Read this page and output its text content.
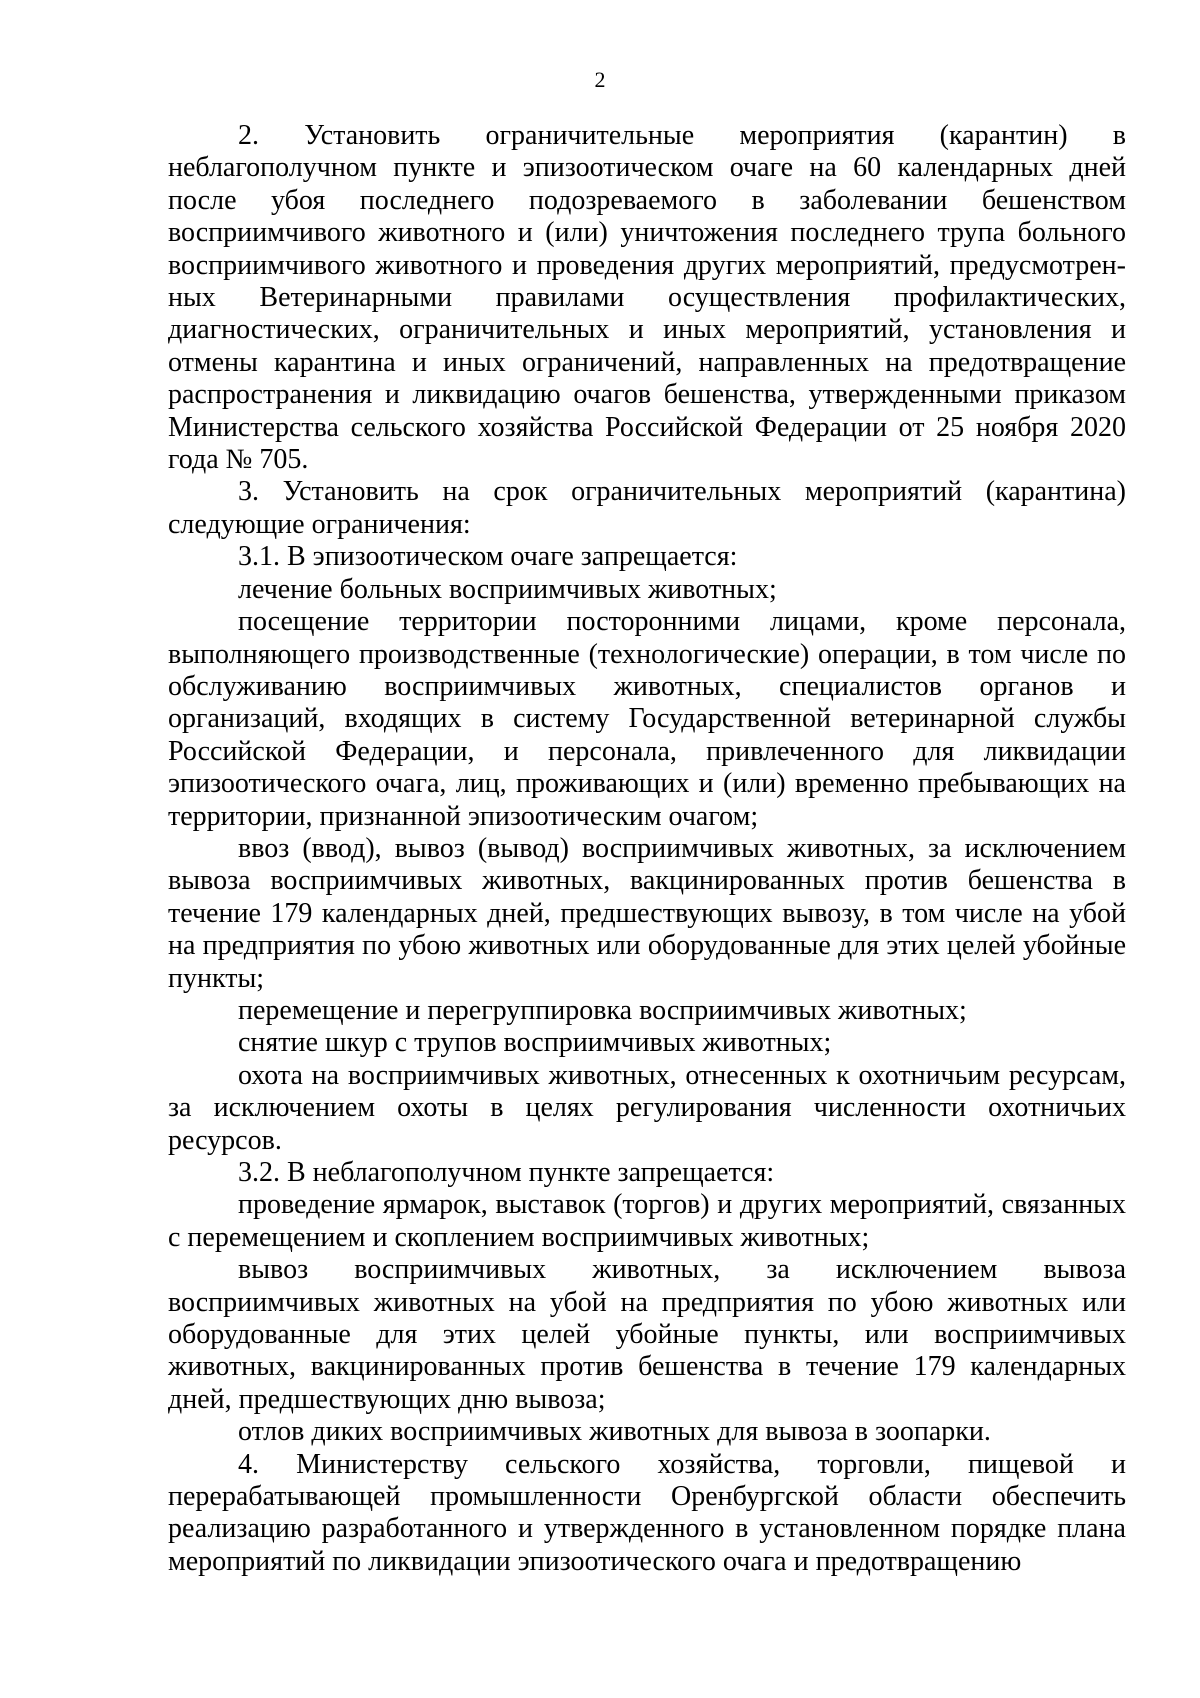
2

2. Установить ограничительные мероприятия (карантин) в неблагополучном пункте и эпизоотическом очаге на 60 календарных дней после убоя последнего подозреваемого в заболевании бешенством восприимчивого животного и (или) уничтожения последнего трупа больного восприимчивого животного и проведения других мероприятий, предусмотренных Ветеринарными правилами осуществления профилактических, диагностических, ограничительных и иных мероприятий, установления и отмены карантина и иных ограничений, направленных на предотвращение распространения и ликвидацию очагов бешенства, утвержденными приказом Министерства сельского хозяйства Российской Федерации от 25 ноября 2020 года № 705.

3. Установить на срок ограничительных мероприятий (карантина) следующие ограничения:

3.1. В эпизоотическом очаге запрещается:

лечение больных восприимчивых животных;

посещение территории посторонними лицами, кроме персонала, выполняющего производственные (технологические) операции, в том числе по обслуживанию восприимчивых животных, специалистов органов и организаций, входящих в систему Государственной ветеринарной службы Российской Федерации, и персонала, привлеченного для ликвидации эпизоотического очага, лиц, проживающих и (или) временно пребывающих на территории, признанной эпизоотическим очагом;

ввоз (ввод), вывоз (вывод) восприимчивых животных, за исключением вывоза восприимчивых животных, вакцинированных против бешенства в течение 179 календарных дней, предшествующих вывозу, в том числе на убой на предприятия по убою животных или оборудованные для этих целей убойные пункты;

перемещение и перегруппировка восприимчивых животных;

снятие шкур с трупов восприимчивых животных;

охота на восприимчивых животных, отнесенных к охотничьим ресурсам, за исключением охоты в целях регулирования численности охотничьих ресурсов.

3.2. В неблагополучном пункте запрещается:

проведение ярмарок, выставок (торгов) и других мероприятий, связанных с перемещением и скоплением восприимчивых животных;

вывоз восприимчивых животных, за исключением вывоза восприимчивых животных на убой на предприятия по убою животных или оборудованные для этих целей убойные пункты, или восприимчивых животных, вакцинированных против бешенства в течение 179 календарных дней, предшествующих дню вывоза;

отлов диких восприимчивых животных для вывоза в зоопарки.

4. Министерству сельского хозяйства, торговли, пищевой и перерабатывающей промышленности Оренбургской области обеспечить реализацию разработанного и утвержденного в установленном порядке плана мероприятий по ликвидации эпизоотического очага и предотвращению
